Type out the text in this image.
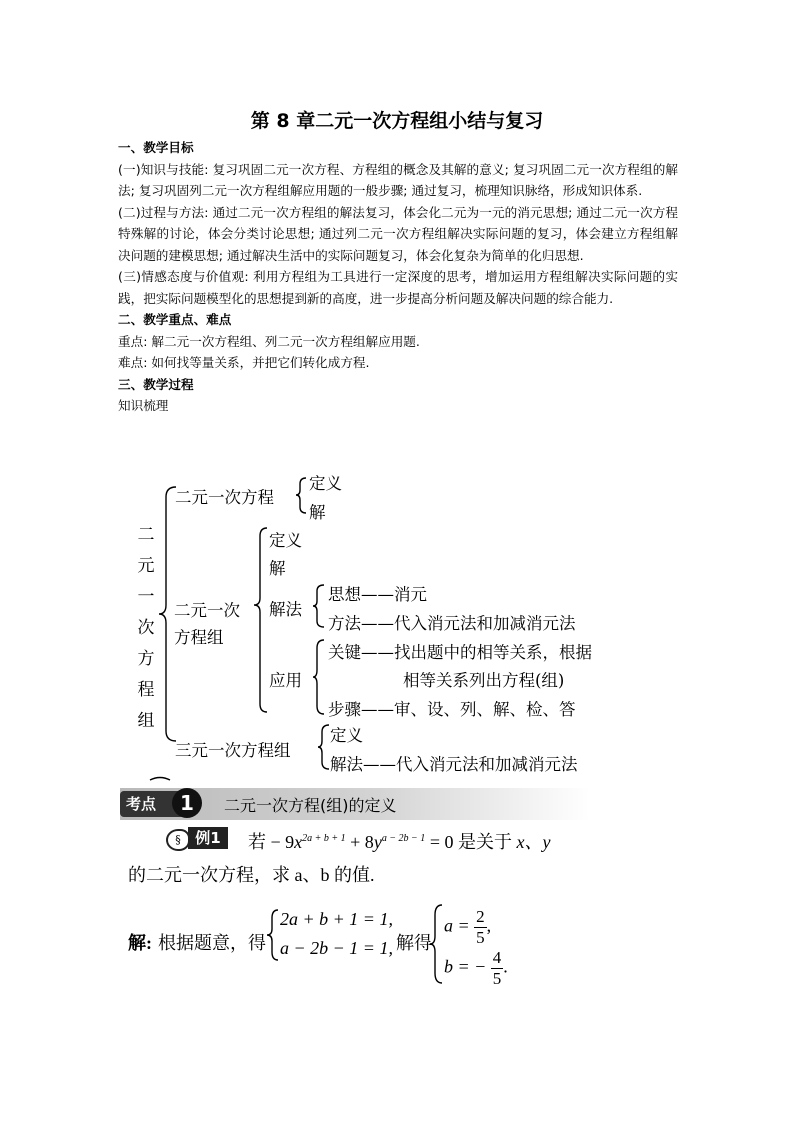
第 8 章二元一次方程组小结与复习
一、教学目标

(一)知识与技能: 复习巩固二元一次方程、方程组的概念及其解的意义; 复习巩固二元一次方程组的解法; 复习巩固列二元一次方程组解应用题的一般步骤; 通过复习，梳理知识脉络，形成知识体系.

(二)过程与方法: 通过二元一次方程组的解法复习，体会化二元为一元的消元思想; 通过二元一次方程特殊解的讨论，体会分类讨论思想; 通过列二元一次方程组解决实际问题的复习，体会建立方程组解决问题的建模思想; 通过解决生活中的实际问题复习，体会化复杂为简单的化归思想.

(三)情感态度与价值观: 利用方程组为工具进行一定深度的思考，增加运用方程组解决实际问题的实践，把实际问题模型化的思想提到新的高度，进一步提高分析问题及解决问题的综合能力.

二、教学重点、难点
重点: 解二元一次方程组、列二元一次方程组解应用题.
难点: 如何找等量关系，并把它们转化成方程.
三、教学过程
知识梳理
二
元
一
次
方
程
组
二元一次方程
定义
解
二元一次
方程组
定义
解
解法
思想——消元
方法——代入消元法和加减消元法
应用
关键——找出题中的相等关系，根据
相等关系列出方程(组)
步骤——审、设、列、解、检、答
三元一次方程组
定义
解法——代入消元法和加减消元法
考点	1	二元一次方程(组)的定义
§ 例1	若 − $9x^{2a + b + 1} + 8y^{a - 2b - 1} = 0$ 是关于 x、y
的二元一次方程，求 a、b 的值.
解: 根据题意，得
2a + b + 1 = 1,
a − 2b − 1 = 1, 解得
$a = \frac{2}{5}$ ,
b = − $\frac{4}{5}$ .
